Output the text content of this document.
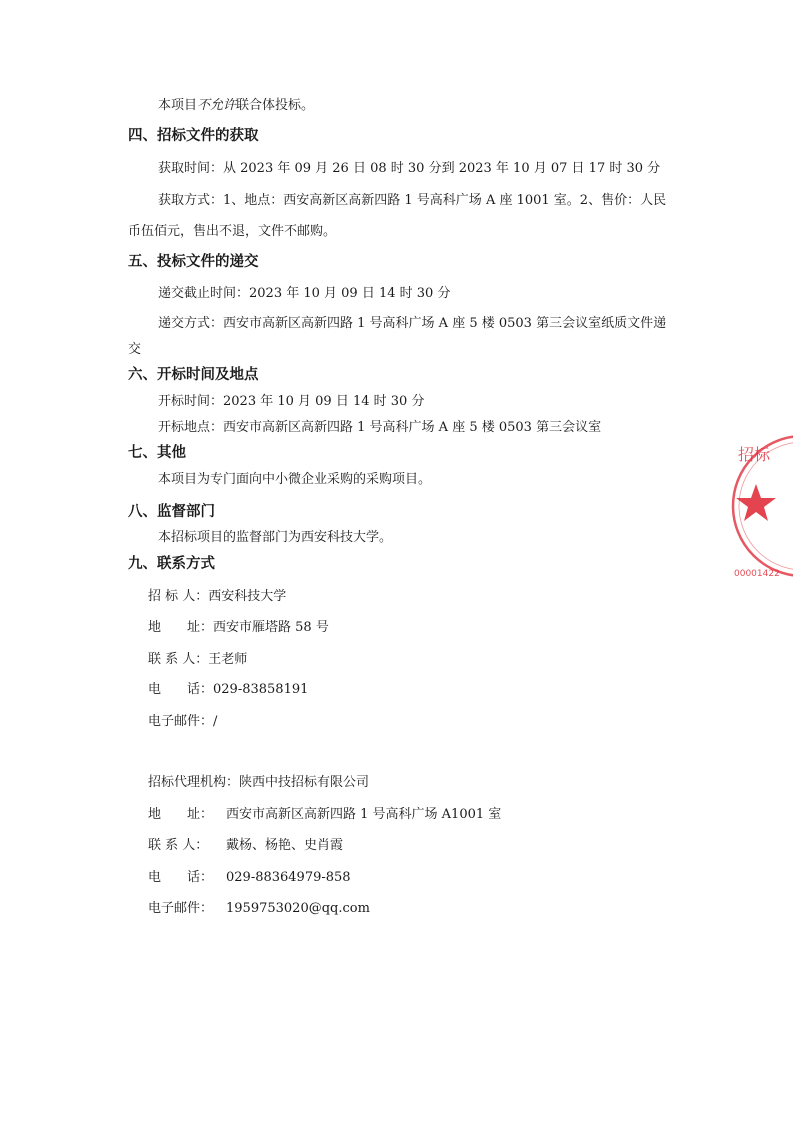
本项目不允许联合体投标。
四、招标文件的获取
获取时间：从 2023 年 09 月 26 日 08 时 30 分到 2023 年 10 月 07 日 17 时 30 分
获取方式：1、地点：西安高新区高新四路 1 号高科广场 A 座 1001 室。2、售价：人民
币伍佰元，售出不退，文件不邮购。
五、投标文件的递交
递交截止时间：2023 年 10 月 09 日 14 时 30 分
递交方式：西安市高新区高新四路 1 号高科广场 A 座 5 楼 0503 第三会议室纸质文件递
交
六、开标时间及地点
开标时间：2023 年 10 月 09 日 14 时 30 分
开标地点：西安市高新区高新四路 1 号高科广场 A 座 5 楼 0503 第三会议室
七、其他
本项目为专门面向中小微企业采购的采购项目。
八、监督部门
本招标项目的监督部门为西安科技大学。
九、联系方式
招 标 人：西安科技大学
地　　址：西安市雁塔路 58 号
联 系 人：王老师
电　　话：029-83858191
电子邮件：/
招标代理机构：陕西中技招标有限公司
地　　址： 西安市高新区高新四路 1 号高科广场 A1001 室
联 系 人： 戴杨、杨艳、史肖霞
电　　话： 029-88364979-858
电子邮件： 1959753020@qq.com
招标
00001422
